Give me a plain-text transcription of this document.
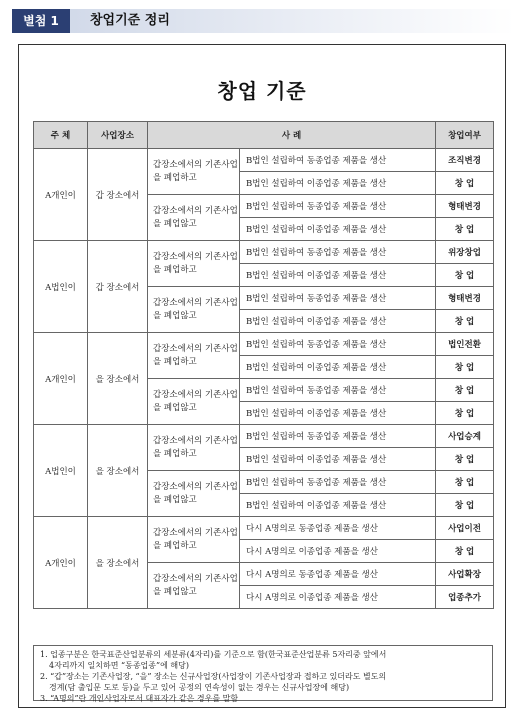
별첨 1	창업기준 정리
창업 기준
주 체	사업장소	사 례		창업여부
A개인이	갑 장소에서	갑장소에서의 기존사업을 폐업하고	B법인 설립하여 동종업종 제품을 생산	조직변경
			B법인 설립하여 이종업종 제품을 생산	창 업
		갑장소에서의 기존사업을 폐업않고	B법인 설립하여 동종업종 제품을 생산	형태변경
			B법인 설립하여 이종업종 제품을 생산	창 업
A법인이	갑 장소에서	갑장소에서의 기존사업을 폐업하고	B법인 설립하여 동종업종 제품을 생산	위장창업
			B법인 설립하여 이종업종 제품을 생산	창 업
		갑장소에서의 기존사업을 폐업않고	B법인 설립하여 동종업종 제품을 생산	형태변경
			B법인 설립하여 이종업종 제품을 생산	창 업
A개인이	을 장소에서	갑장소에서의 기존사업을 폐업하고	B법인 설립하여 동종업종 제품을 생산	법인전환
			B법인 설립하여 이종업종 제품을 생산	창 업
		갑장소에서의 기존사업을 폐업않고	B법인 설립하여 동종업종 제품을 생산	창 업
			B법인 설립하여 이종업종 제품을 생산	창 업
A법인이	을 장소에서	갑장소에서의 기존사업을 폐업하고	B법인 설립하여 동종업종 제품을 생산	사업승계
			B법인 설립하여 이종업종 제품을 생산	창 업
		갑장소에서의 기존사업을 폐업않고	B법인 설립하여 동종업종 제품을 생산	창 업
			B법인 설립하여 이종업종 제품을 생산	창 업
A개인이	을 장소에서	갑장소에서의 기존사업을 폐업하고	다시 A명의로 동종업종 제품을 생산	사업이전
			다시 A명의로 이종업종 제품을 생산	창 업
		갑장소에서의 기존사업을 폐업않고	다시 A명의로 동종업종 제품을 생산	사업확장
			다시 A명의로 이종업종 제품을 생산	업종추가

1. 업종구분은 한국표준산업분류의 세분류(4자리)를 기준으로 함(한국표준산업분류 5자리중 앞에서

4자리까지 일치하면 “동종업종”에 해당)

2. “갑”장소는 기존사업장, “을” 장소는 신규사업장(사업장이 기존사업장과 접하고 있더라도 별도의

경계(담 출입문 도로 등)을 두고 있어 공정의 연속성이 없는 경우는 신규사업장에 해당)

3. “A명의”란 개인사업자로서 대표자가 같은 경우를 말함
